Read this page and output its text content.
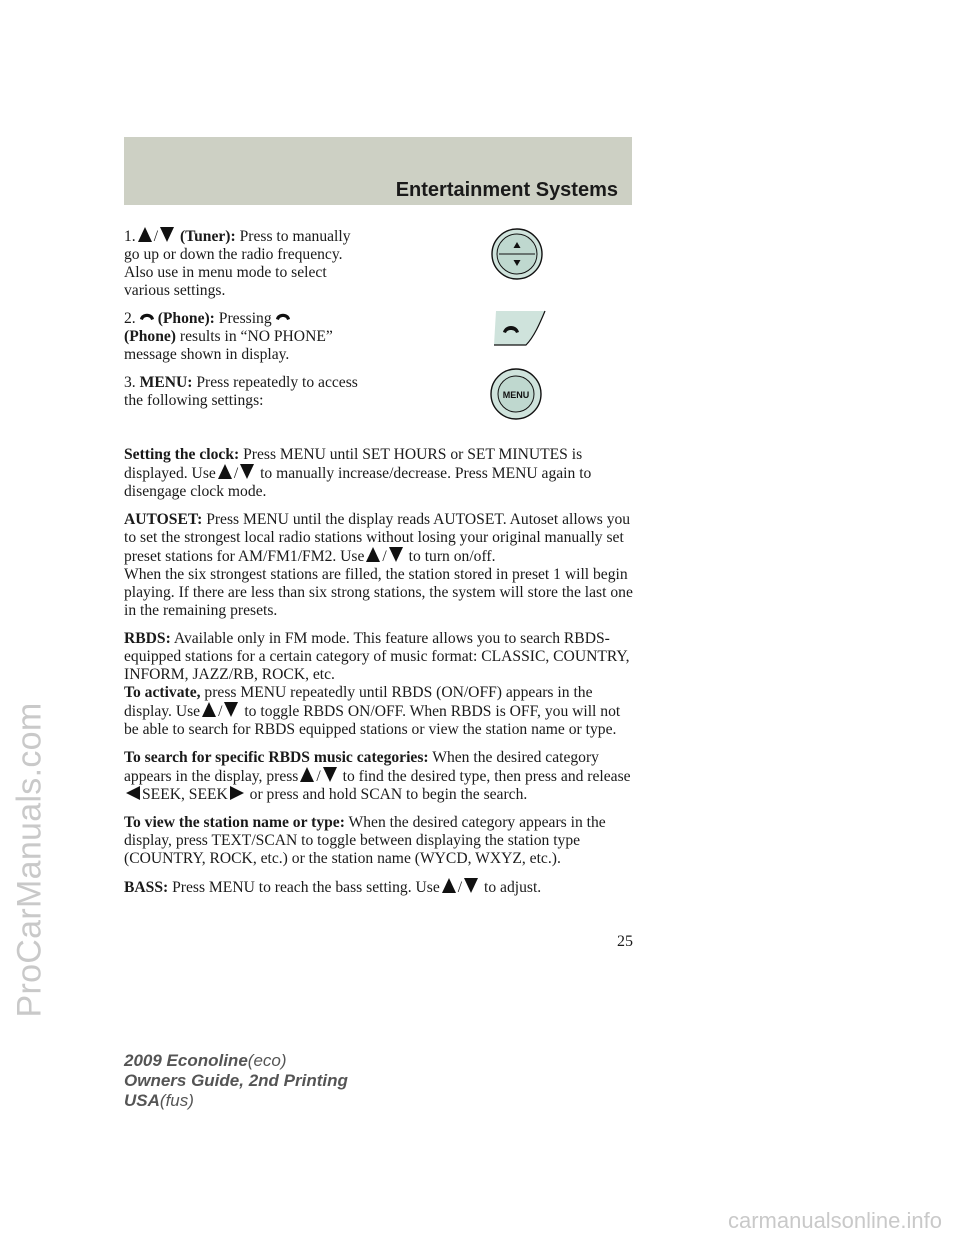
ProCarManuals.com
Entertainment Systems
MENU

1. / (Tuner): Press to manually go up or down the radio frequency. Also use in menu mode to select various settings.

2. (Phone): Pressing
(Phone) results in “NO PHONE” message shown in display.

3. MENU: Press repeatedly to access the following settings:

Setting the clock: Press MENU until SET HOURS or SET MINUTES is displayed. Use / to manually increase/decrease. Press MENU again to disengage clock mode.

AUTOSET: Press MENU until the display reads AUTOSET. Autoset allows you to set the strongest local radio stations without losing your original manually set preset stations for AM/FM1/FM2. Use / to turn on/off.
When the six strongest stations are filled, the station stored in preset 1 will begin playing. If there are less than six strong stations, the system will store the last one in the remaining presets.

RBDS: Available only in FM mode. This feature allows you to search RBDS-equipped stations for a certain category of music format: CLASSIC, COUNTRY, INFORM, JAZZ/RB, ROCK, etc.
To activate, press MENU repeatedly until RBDS (ON/OFF) appears in the display. Use / to toggle RBDS ON/OFF. When RBDS is OFF, you will not be able to search for RBDS equipped stations or view the station name or type.

To search for specific RBDS music categories: When the desired category appears in the display, press / to find the desired type, then press and releaseSEEK, SEEK or press and hold SCAN to begin the search.

To view the station name or type: When the desired category appears in the display, press TEXT/SCAN to toggle between displaying the station type (COUNTRY, ROCK, etc.) or the station name (WYCD, WXYZ, etc.).

BASS: Press MENU to reach the bass setting. Use / to adjust.

25
2009 Econoline(eco)
Owners Guide, 2nd Printing
USA(fus)
carmanualsonline.info
